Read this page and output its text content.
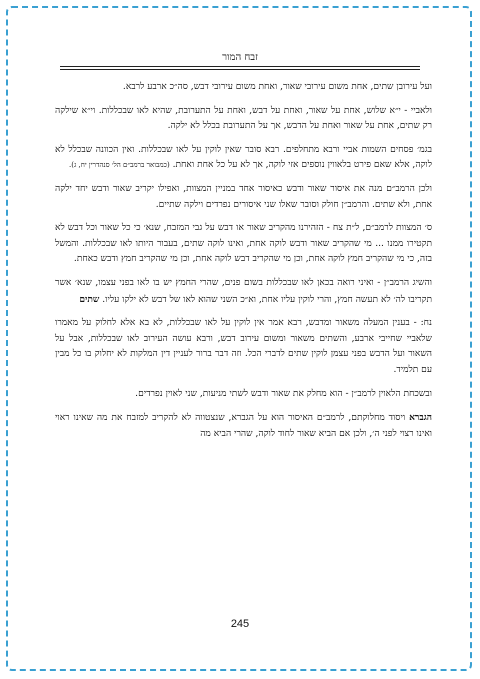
זבח המור

ועל עירובן שתים, אחת משום עירובי שאור, ואחת משום עירובי דבש, סה״כ ארבע לרבא.

ולאביי - י״א שלוש, אחת על שאור, ואחת על דבש, ואחת על התערובת, שהיא לאו שבכללות. וי״א שילקה רק שתים, אחת על שאור ואחת על הדבש, אך על התערובת בכלל לא ילקה.

בגמ׳ פסחים השמות אביי ורבא מתחלפים. רבא סובר שאין לוקין על לאו שבכללות. ואין הכוונה שבכלל לא לוקה, אלא שאם פירט בלאווין נוספים אזי לוקה, אך לא על כל אחת ואחת. (כמבואר ברמב״ם הל׳ סנהדרין יח, ג).

ולכן הרמב״ם מנה את איסור שאור ודבש כאיסור אחד במניין המצוות, ואפילו יקריב שאור ודבש יחד ילקה אחת, ולא שתים. והרמב״ן חולק וסובר שאלו שני איסורים נפרדים וילקה שתיים.

ס׳ המצוות לרמב״ם, ל״ת צח - הזהירנו מהקריב שאור או דבש על גבי המזבח, שנא׳ כי כל שאור וכל דבש לא תקטירו ממנו ... מי שהקריב שאור ודבש לוקה אחת, ואינו לוקה שתים, בעבור היותו לאו שבכללות. והמשל בזה, כי מי שהקריב חמץ לוקה אחת, וכן מי שהקריב דבש לוקה אחת, וכן מי שהקריב חמץ ודבש כאחת.

והשיג הרמב״ן - ואיני רואה בכאן לאו שבכללות בשום פנים, שהרי החמץ יש בו לאו בפני עצמו, שנא׳ אשר תקריבו לה׳ לא תעשה חמץ, והרי לוקין עליו אחת, וא״כ השני שהוא לאו של דבש לא ילקו עליו. שתים

נח: - בענין המעלה משאור ומדבש, רבא אמר אין לוקין על לאו שבכללות, לא בא אלא לחלוק על מאמרו שלאביי שחייבי ארבע, והשתים משאור ומשום עירוב דבש, ורבא עושה העירוב לאו שבכללות, אבל על השאור ועל הדבש בפני עצמן לוקין שתים לדברי הכל. וזה דבר ברור לעניין דין המלקות לא יחלוק בו כל מבין עם תלמיד.

ובשכחת הלאוין לרמב״ן - הוא מחלק את שאור ודבש לשתי מניעות, שני לאוין נפרדים.

הגברא ויסוד מחלוקתם, לרמב״ם האיסור הוא על הגברא, שנצטווה לא להקריב למזבח את מה שאינו ראוי ואינו רצוי לפני ה׳, ולכן אם הביא שאור לחוד לוקה, שהרי הביא מה

245
